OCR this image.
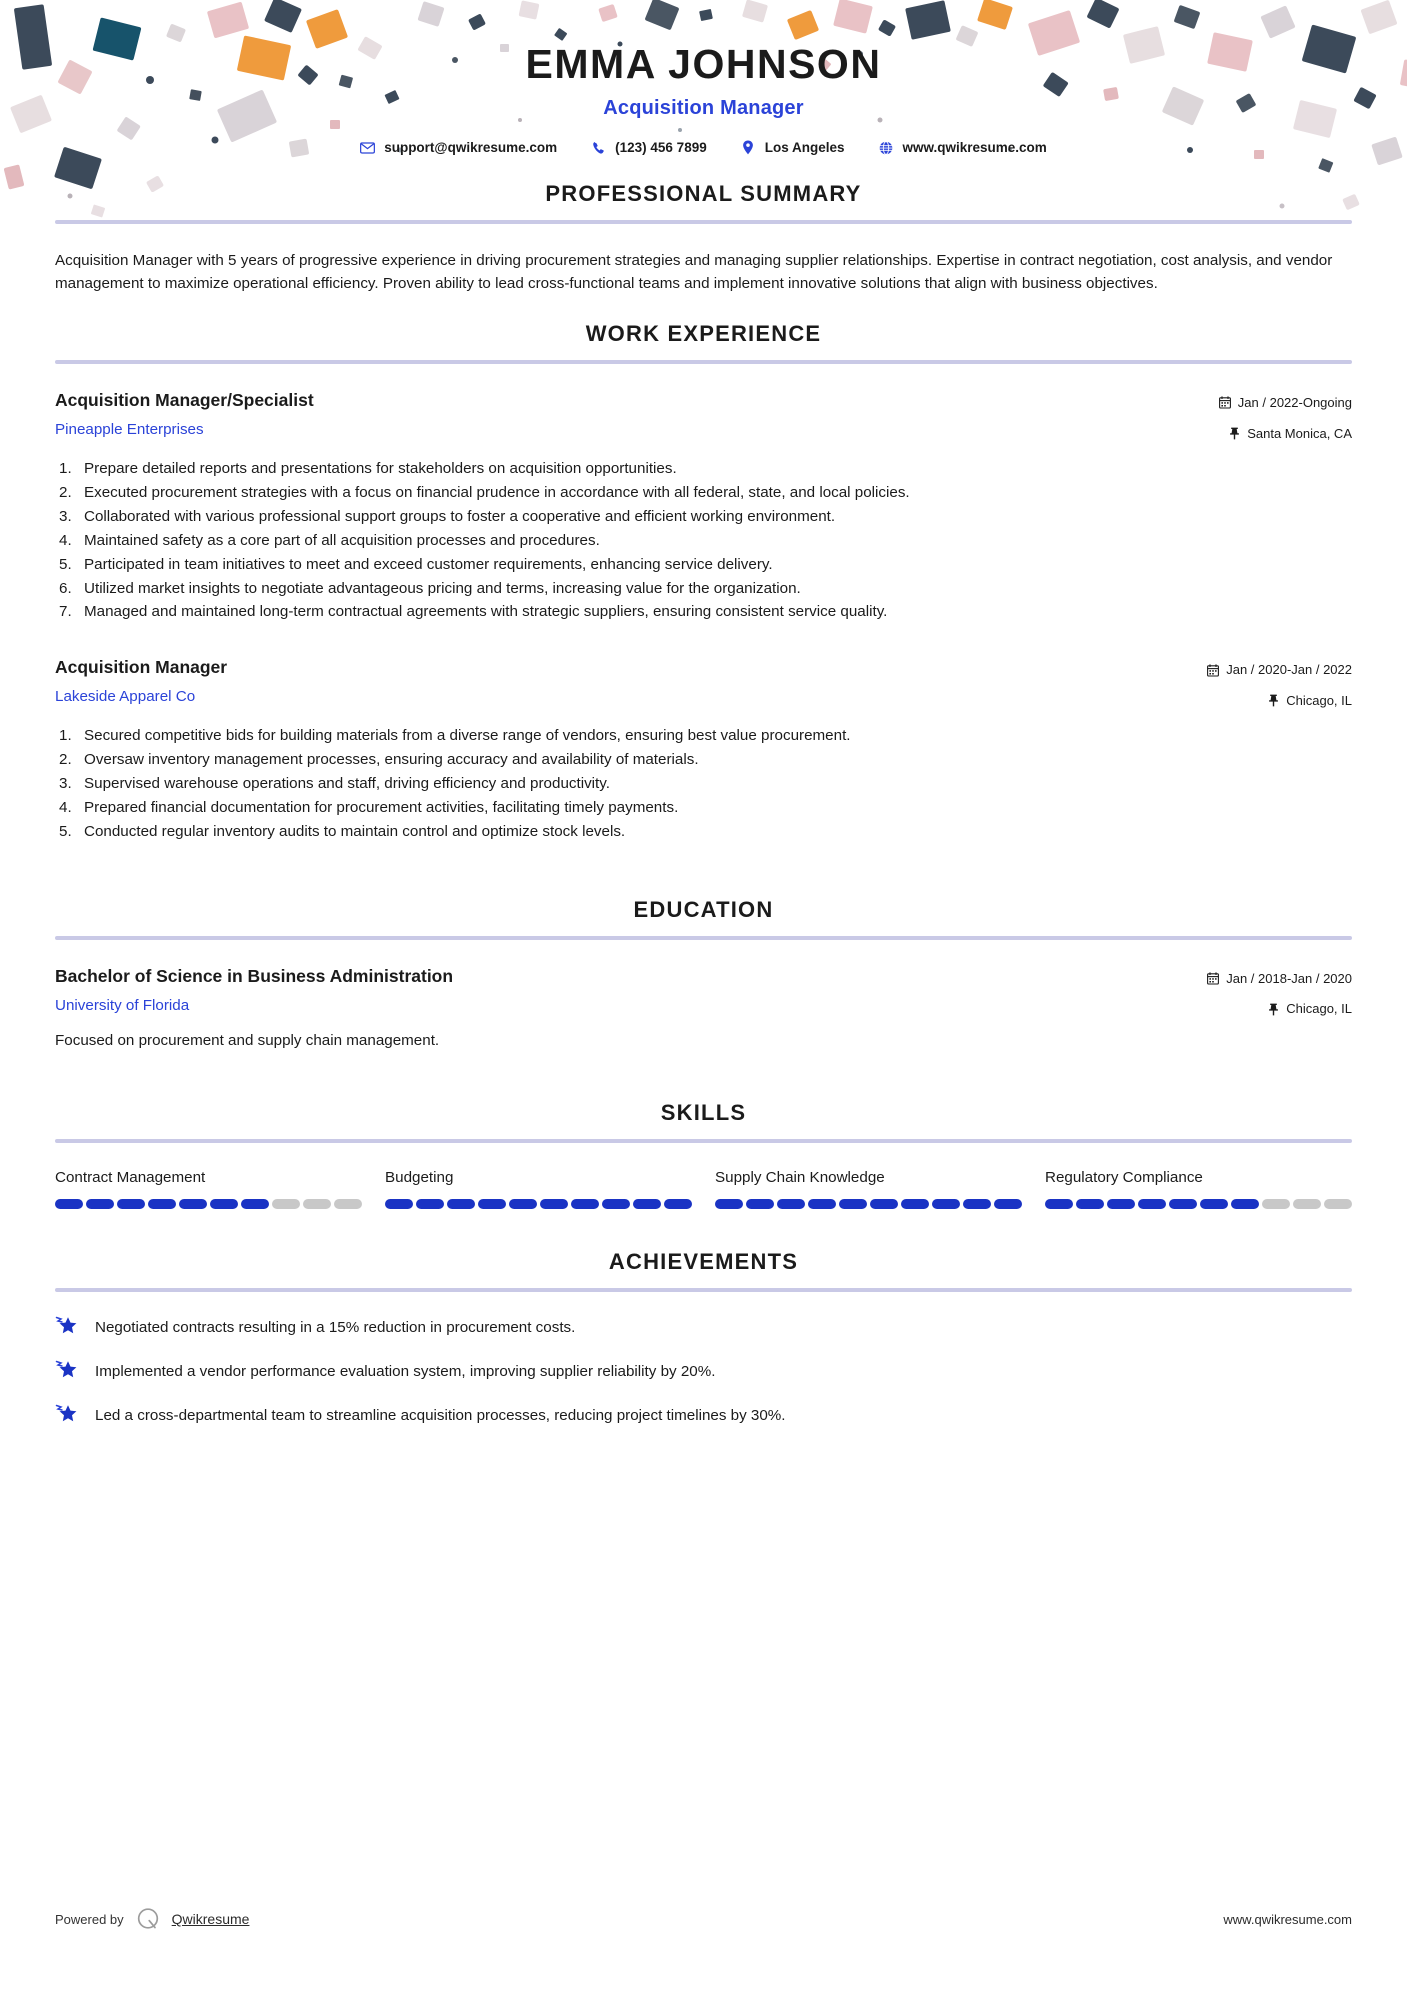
EMMA JOHNSON
Acquisition Manager
support@qwikresume.com	(123) 456 7899	Los Angeles	www.qwikresume.com
PROFESSIONAL SUMMARY

Acquisition Manager with 5 years of progressive experience in driving procurement strategies and managing supplier relationships. Expertise in contract negotiation, cost analysis, and vendor management to maximize operational efficiency. Proven ability to lead cross-functional teams and implement innovative solutions that align with business objectives.

WORK EXPERIENCE
Acquisition Manager/Specialist
Pineapple Enterprises
Jan / 2022-Ongoing
Santa Monica, CA
Prepare detailed reports and presentations for stakeholders on acquisition opportunities.
Executed procurement strategies with a focus on financial prudence in accordance with all federal, state, and local policies.
Collaborated with various professional support groups to foster a cooperative and efficient working environment.
Maintained safety as a core part of all acquisition processes and procedures.
Participated in team initiatives to meet and exceed customer requirements, enhancing service delivery.
Utilized market insights to negotiate advantageous pricing and terms, increasing value for the organization.
Managed and maintained long-term contractual agreements with strategic suppliers, ensuring consistent service quality.
Acquisition Manager
Lakeside Apparel Co
Jan / 2020-Jan / 2022
Chicago, IL
Secured competitive bids for building materials from a diverse range of vendors, ensuring best value procurement.
Oversaw inventory management processes, ensuring accuracy and availability of materials.
Supervised warehouse operations and staff, driving efficiency and productivity.
Prepared financial documentation for procurement activities, facilitating timely payments.
Conducted regular inventory audits to maintain control and optimize stock levels.
EDUCATION
Bachelor of Science in Business Administration
University of Florida
Jan / 2018-Jan / 2020
Chicago, IL
Focused on procurement and supply chain management.
SKILLS
Contract Management	Budgeting	Supply Chain Knowledge	Regulatory Compliance
ACHIEVEMENTS
Negotiated contracts resulting in a 15% reduction in procurement costs.
Implemented a vendor performance evaluation system, improving supplier reliability by 20%.
Led a cross-departmental team to streamline acquisition processes, reducing project timelines by 30%.
Powered by	Qwikresume	www.qwikresume.com
